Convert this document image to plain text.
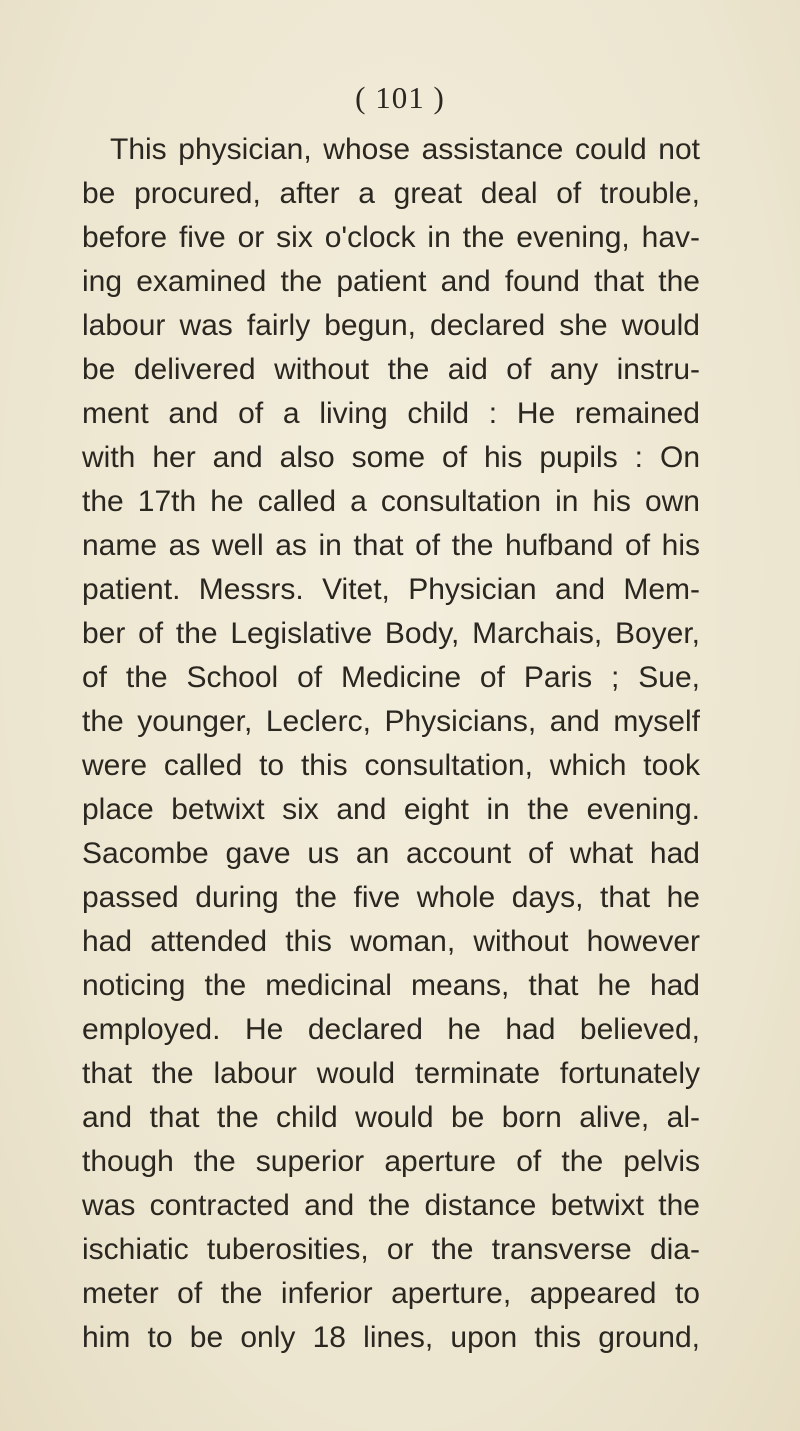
( 101 )
This physician, whose assistance could not
be procured, after a great deal of trouble,
before five or six o'clock in the evening, hav-
ing examined the patient and found that the
labour was fairly begun, declared she would
be delivered without the aid of any instru-
ment and of a living child : He remained
with her and also some of his pupils : On
the 17th he called a consultation in his own
name as well as in that of the hufband of his
patient. Messrs. Vitet, Physician and Mem-
ber of the Legislative Body, Marchais, Boyer,
of the School of Medicine of Paris ; Sue,
the younger, Leclerc, Physicians, and myself
were called to this consultation, which took
place betwixt six and eight in the evening.
Sacombe gave us an account of what had
passed during the five whole days, that he
had attended this woman, without however
noticing the medicinal means, that he had
employed. He declared he had believed,
that the labour would terminate fortunately
and that the child would be born alive, al-
though the superior aperture of the pelvis
was contracted and the distance betwixt the
ischiatic tuberosities, or the transverse dia-
meter of the inferior aperture, appeared to
him to be only 18 lines, upon this ground,
